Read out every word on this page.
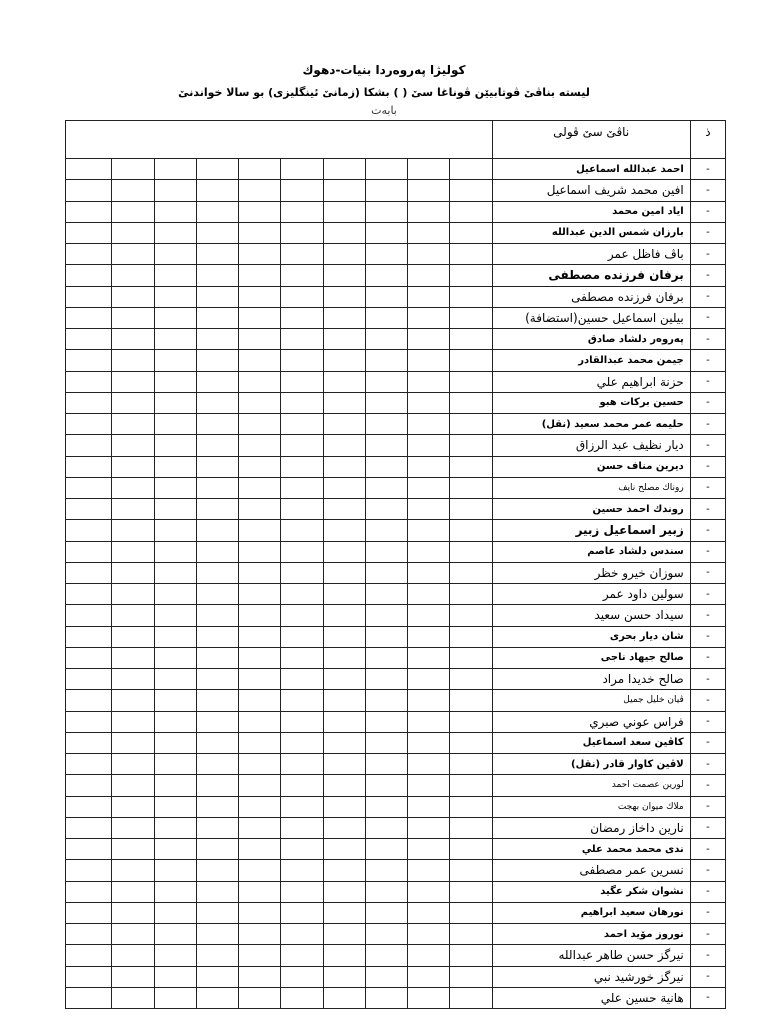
كوليژا پەروەردا بنيات-دهوك
ليسته بناڤێ ڤوتابيێن ڤوناغا سێ ( ) بشكا (زمانێ ئينگليزى) بو سالا خواندنێ
بابەت
										ناڤێ سێ ڤولى	ذ
										احمد عبدالله اسماعيل	-
										افين محمد شريف اسماعيل	-
										اياد امين محمد	-
										بارزان شمس الدين عبدالله	-
										باڤ فاظل عمر	-
										برفان فرزنده مصطفى	-
										برفان فرزنده مصطفى	-
										بيلين اسماعيل حسين(استضافة)	-
										پەروەر دلشاد صادق	-
										جيمن محمد عبدالقادر	-
										حزنة ابراهيم علي	-
										حسين بركات هبو	-
										حليمه عمر محمد سعيد (نقل)	-
										ديار نظيف عبد الرزاق	-
										ديرين مناف حسن	-
										روناك مصلح نايف	-
										روندك احمد حسين	-
										زبير اسماعيل زبير	-
										سندس دلشاد عاصم	-
										سوزان خيرو خظر	-
										سولين داود عمر	-
										سيداد حسن سعيد	-
										شان ديار بحرى	-
										صالح جيهاد ناجى	-
										صالح خديدا مراد	-
										ڤيان خليل جميل	-
										فراس عوني صبري	-
										كاڤين سعد اسماعيل	-
										لاڤين كاوار قادر (نقل)	-
										لورين عصمت احمد	-
										ملاك ميوان بهجت	-
										نارين داخاز رمضان	-
										ندى محمد محمد علي	-
										نسرين عمر مصطفى	-
										نشوان شكر عگيد	-
										نورهان سعيد ابراهيم	-
										نوروز مۆيد احمد	-
										نيرگز حسن طاهر عبدالله	-
										نيرگز خورشيد نبي	-
										هانية حسين علي	-
